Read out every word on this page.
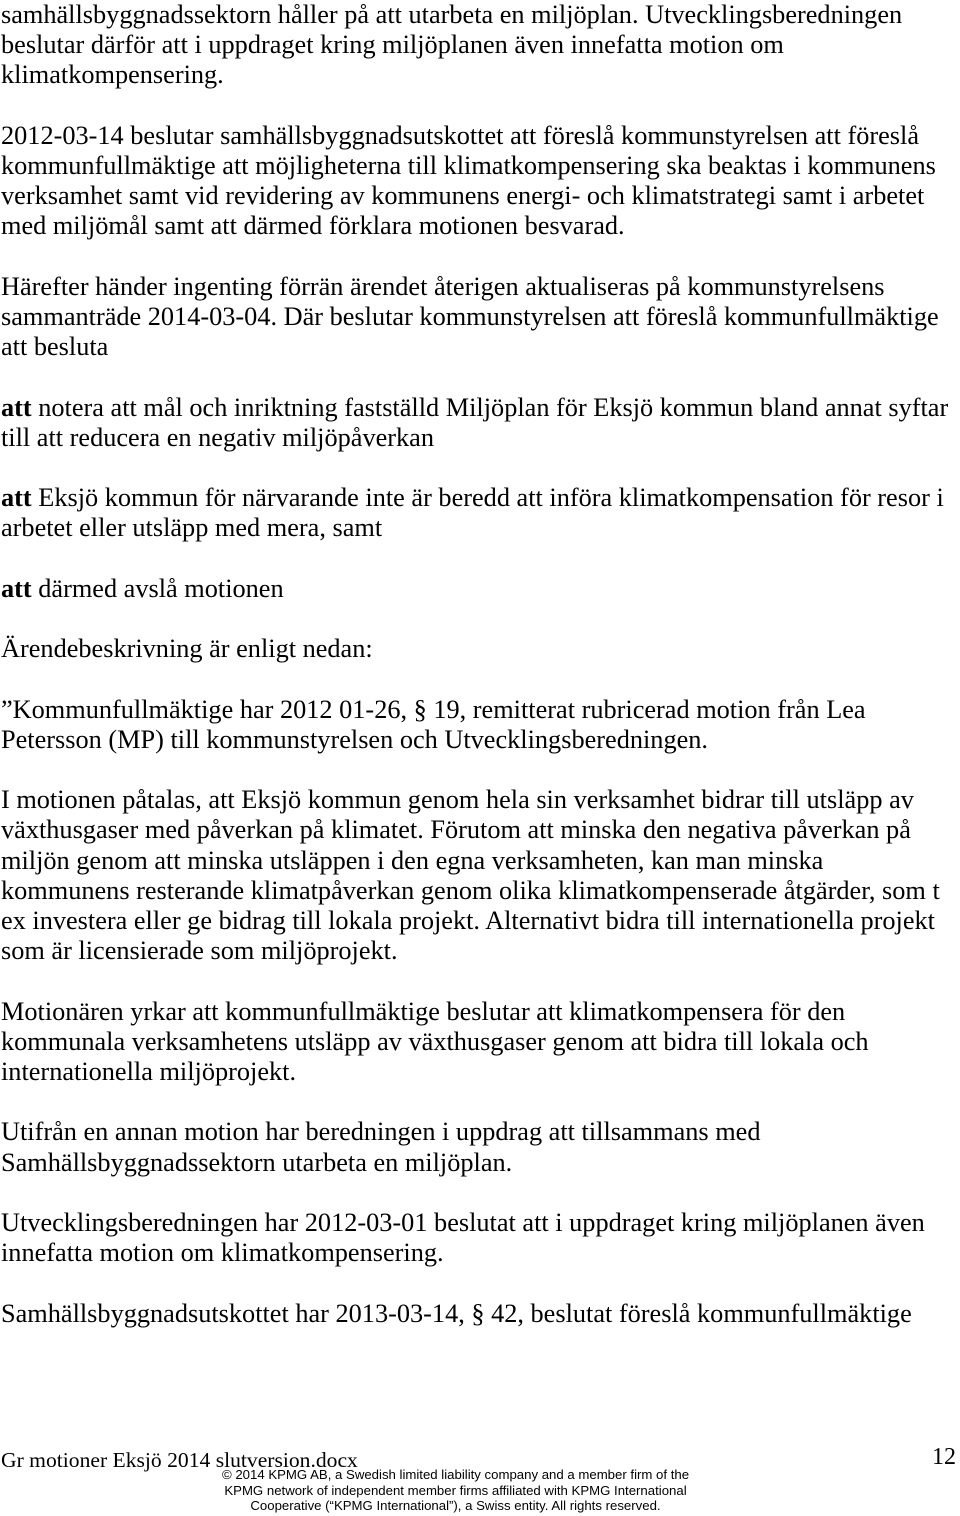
samhällsbyggnadssektorn håller på att utarbeta en miljöplan. Utvecklingsberedningen
beslutar därför att i uppdraget kring miljöplanen även innefatta motion om
klimatkompensering.
2012-03-14 beslutar samhällsbyggnadsutskottet att föreslå kommunstyrelsen att föreslå
kommunfullmäktige att möjligheterna till klimatkompensering ska beaktas i kommunens
verksamhet samt vid revidering av kommunens energi- och klimatstrategi samt i arbetet
med miljömål samt att därmed förklara motionen besvarad.
Härefter händer ingenting förrän ärendet återigen aktualiseras på kommunstyrelsens
sammanträde 2014-03-04. Där beslutar kommunstyrelsen att föreslå kommunfullmäktige
att besluta
att notera att mål och inriktning fastställd Miljöplan för Eksjö kommun bland annat syftar
till att reducera en negativ miljöpåverkan
att Eksjö kommun för närvarande inte är beredd att införa klimatkompensation för resor i
arbetet eller utsläpp med mera, samt
att därmed avslå motionen
Ärendebeskrivning är enligt nedan:
”Kommunfullmäktige har 2012 01-26, § 19, remitterat rubricerad motion från Lea
Petersson (MP) till kommunstyrelsen och Utvecklingsberedningen.
I motionen påtalas, att Eksjö kommun genom hela sin verksamhet bidrar till utsläpp av
växthusgaser med påverkan på klimatet. Förutom att minska den negativa påverkan på
miljön genom att minska utsläppen i den egna verksamheten, kan man minska
kommunens resterande klimatpåverkan genom olika klimatkompenserade åtgärder, som t
ex investera eller ge bidrag till lokala projekt. Alternativt bidra till internationella projekt
som är licensierade som miljöprojekt.
Motionären yrkar att kommunfullmäktige beslutar att klimatkompensera för den
kommunala verksamhetens utsläpp av växthusgaser genom att bidra till lokala och
internationella miljöprojekt.
Utifrån en annan motion har beredningen i uppdrag att tillsammans med
Samhällsbyggnadssektorn utarbeta en miljöplan.
Utvecklingsberedningen har 2012-03-01 beslutat att i uppdraget kring miljöplanen även
innefatta motion om klimatkompensering.
Samhällsbyggnadsutskottet har 2013-03-14, § 42, beslutat föreslå kommunfullmäktige
Gr motioner Eksjö 2014 slutversion.docx	12
© 2014 KPMG AB, a Swedish limited liability company and a member firm of the
KPMG network of independent member firms affiliated with KPMG International
Cooperative (“KPMG International”), a Swiss entity. All rights reserved.
